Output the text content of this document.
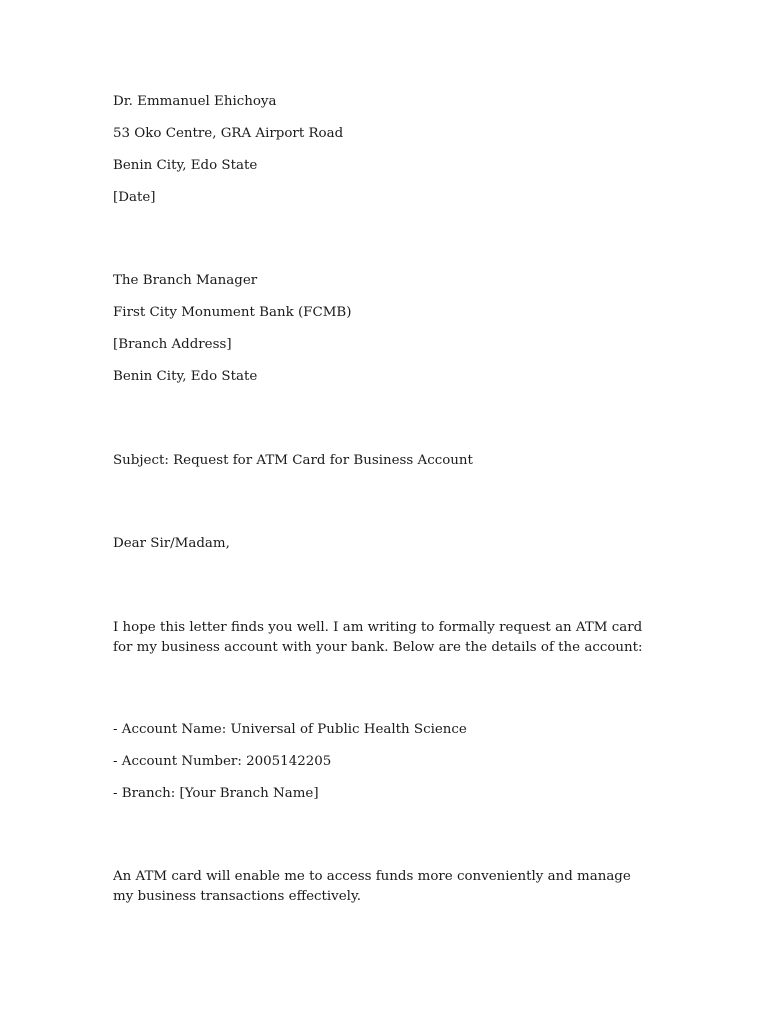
Dr. Emmanuel Ehichoya
53 Oko Centre, GRA Airport Road
Benin City, Edo State
[Date]
The Branch Manager
First City Monument Bank (FCMB)
[Branch Address]
Benin City, Edo State
Subject: Request for ATM Card for Business Account
Dear Sir/Madam,
I hope this letter finds you well. I am writing to formally request an ATM card for my business account with your bank. Below are the details of the account:
- Account Name: Universal of Public Health Science
- Account Number: 2005142205
- Branch: [Your Branch Name]
An ATM card will enable me to access funds more conveniently and manage my business transactions effectively.
